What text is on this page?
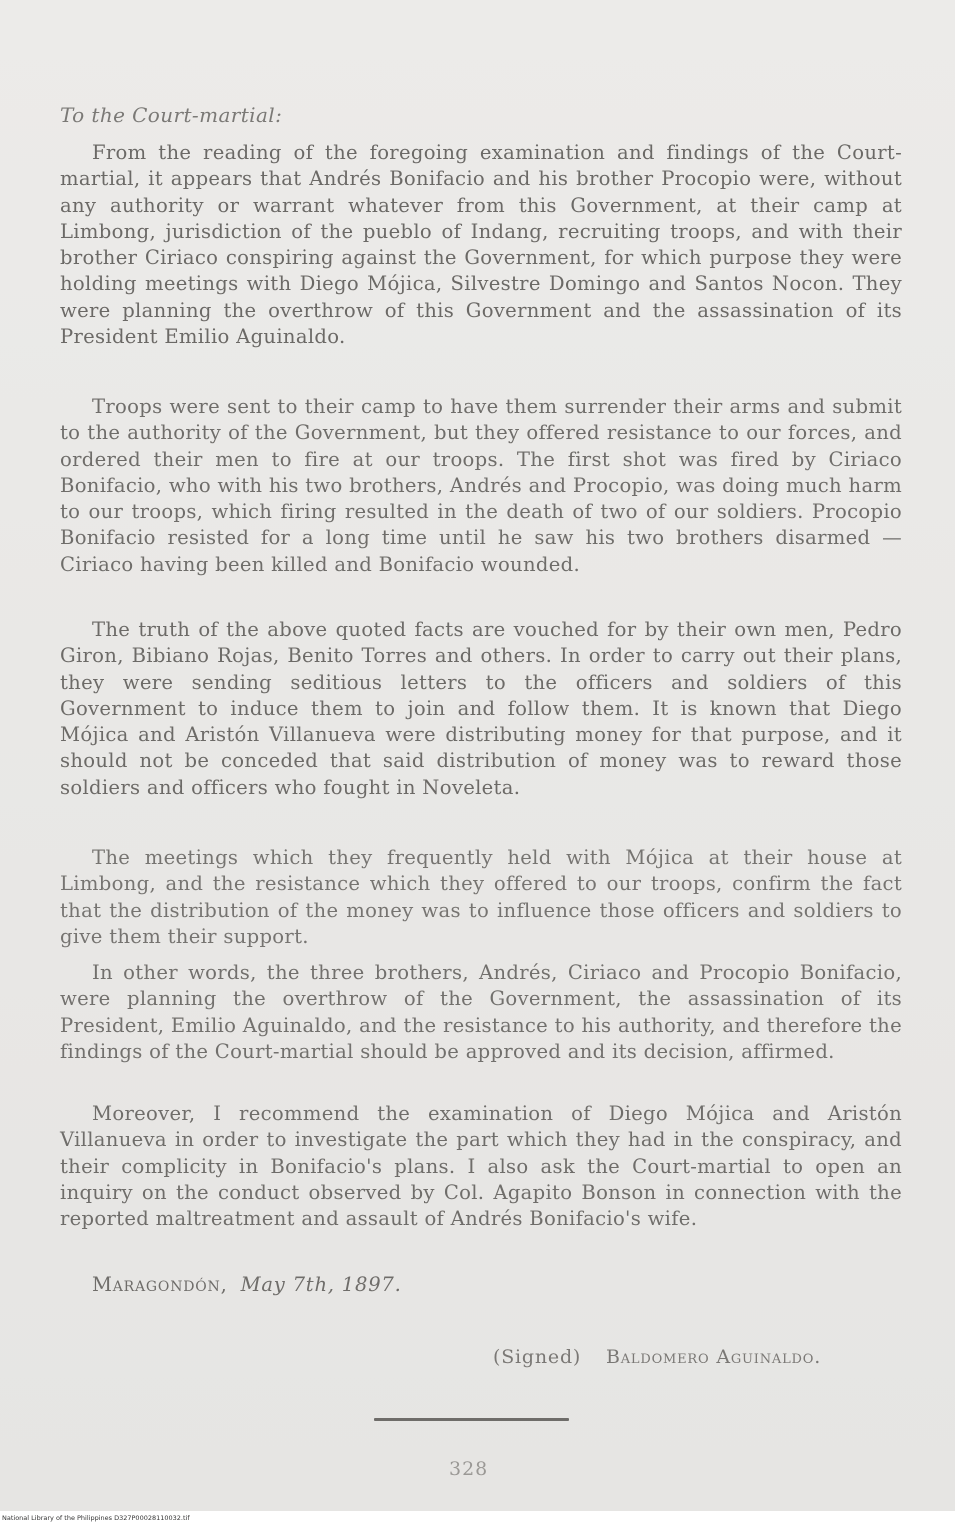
To the Court-martial:

From the reading of the foregoing examination and findings of the Court-martial, it appears that Andrés Bonifacio and his brother Procopio were, without any authority or warrant whatever from this Government, at their camp at Limbong, jurisdiction of the pueblo of Indang, recruiting troops, and with their brother Ciriaco conspiring against the Government, for which purpose they were holding meetings with Diego Mójica, Silvestre Domingo and Santos Nocon. They were planning the overthrow of this Government and the assassination of its President Emilio Aguinaldo.

Troops were sent to their camp to have them surrender their arms and submit to the authority of the Government, but they offered resistance to our forces, and ordered their men to fire at our troops. The first shot was fired by Ciriaco Bonifacio, who with his two brothers, Andrés and Procopio, was doing much harm to our troops, which firing resulted in the death of two of our soldiers. Procopio Bonifacio resisted for a long time until he saw his two brothers disarmed — Ciriaco having been killed and Bonifacio wounded.

The truth of the above quoted facts are vouched for by their own men, Pedro Giron, Bibiano Rojas, Benito Torres and others. In order to carry out their plans, they were sending seditious letters to the officers and soldiers of this Government to induce them to join and follow them. It is known that Diego Mójica and Aristón Villanueva were distributing money for that purpose, and it should not be conceded that said distribution of money was to reward those soldiers and officers who fought in Noveleta.

The meetings which they frequently held with Mójica at their house at Limbong, and the resistance which they offered to our troops, confirm the fact that the distribution of the money was to influence those officers and soldiers to give them their support.

In other words, the three brothers, Andrés, Ciriaco and Procopio Bonifacio, were planning the overthrow of the Government, the assassination of its President, Emilio Aguinaldo, and the resistance to his authority, and therefore the findings of the Court-martial should be approved and its decision, affirmed.

Moreover, I recommend the examination of Diego Mójica and Aristón Villanueva in order to investigate the part which they had in the conspiracy, and their complicity in Bonifacio's plans. I also ask the Court-martial to open an inquiry on the conduct observed by Col. Agapito Bonson in connection with the reported maltreatment and assault of Andrés Bonifacio's wife.

Maragondón, May 7th, 1897.
(Signed) Baldomero Aguinaldo.
328
National Library of the Philippines D327P00028110032.tif
